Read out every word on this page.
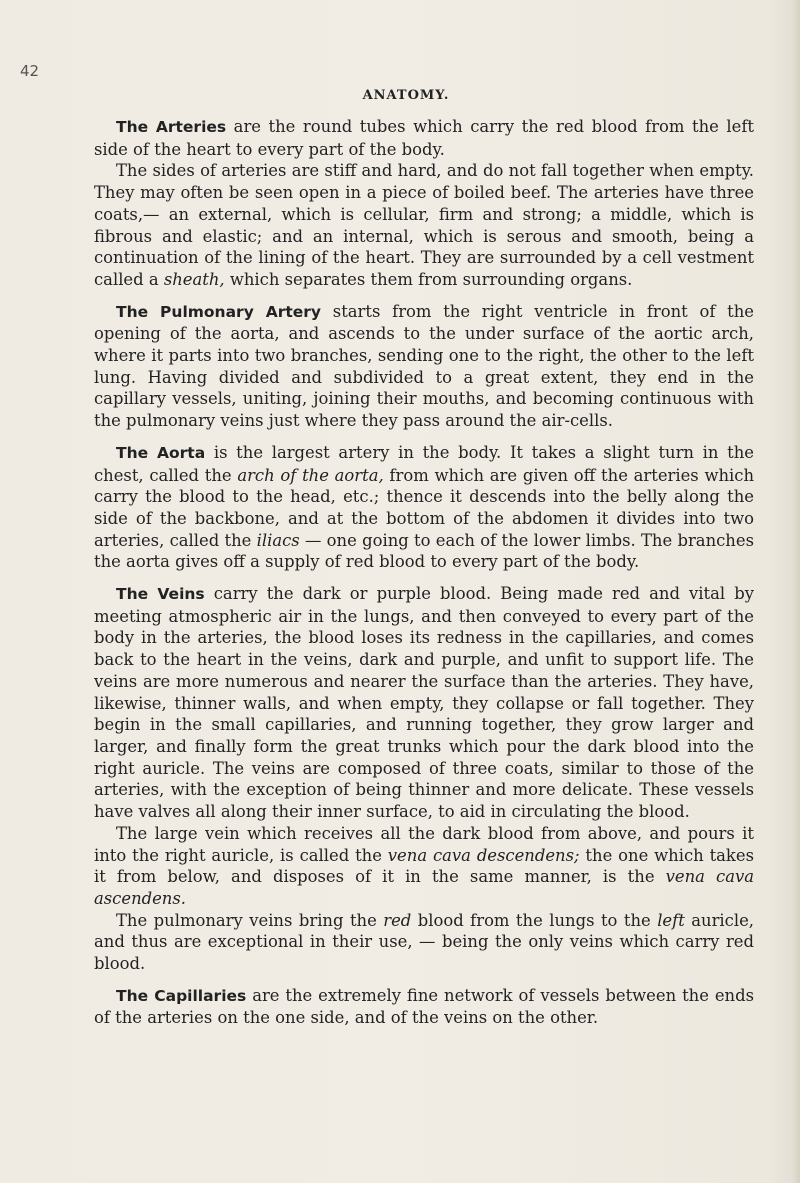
42

ANATOMY.

The Arteries are the round tubes which carry the red blood from the left side of the heart to every part of the body.

The sides of arteries are stiff and hard, and do not fall together when empty. They may often be seen open in a piece of boiled beef. The arteries have three coats,— an external, which is cellular, firm and strong; a middle, which is fibrous and elastic; and an internal, which is serous and smooth, being a continuation of the lining of the heart. They are surrounded by a cell vestment called a sheath, which separates them from surrounding organs.

The Pulmonary Artery starts from the right ventricle in front of the opening of the aorta, and ascends to the under surface of the aortic arch, where it parts into two branches, sending one to the right, the other to the left lung. Having divided and subdivided to a great extent, they end in the capillary vessels, uniting, joining their mouths, and becoming continuous with the pulmonary veins just where they pass around the air-cells.

The Aorta is the largest artery in the body. It takes a slight turn in the chest, called the arch of the aorta, from which are given off the arteries which carry the blood to the head, etc.; thence it descends into the belly along the side of the backbone, and at the bottom of the abdomen it divides into two arteries, called the iliacs — one going to each of the lower limbs. The branches the aorta gives off a supply of red blood to every part of the body.

The Veins carry the dark or purple blood. Being made red and vital by meeting atmospheric air in the lungs, and then conveyed to every part of the body in the arteries, the blood loses its redness in the capillaries, and comes back to the heart in the veins, dark and purple, and unfit to support life. The veins are more numerous and nearer the surface than the arteries. They have, likewise, thinner walls, and when empty, they collapse or fall together. They begin in the small capillaries, and running together, they grow larger and larger, and finally form the great trunks which pour the dark blood into the right auricle. The veins are composed of three coats, similar to those of the arteries, with the exception of being thinner and more delicate. These vessels have valves all along their inner surface, to aid in circulating the blood.

The large vein which receives all the dark blood from above, and pours it into the right auricle, is called the vena cava descendens; the one which takes it from below, and disposes of it in the same manner, is the vena cava ascendens.

The pulmonary veins bring the red blood from the lungs to the left auricle, and thus are exceptional in their use, — being the only veins which carry red blood.

The Capillaries are the extremely fine network of vessels between the ends of the arteries on the one side, and of the veins on the other.
